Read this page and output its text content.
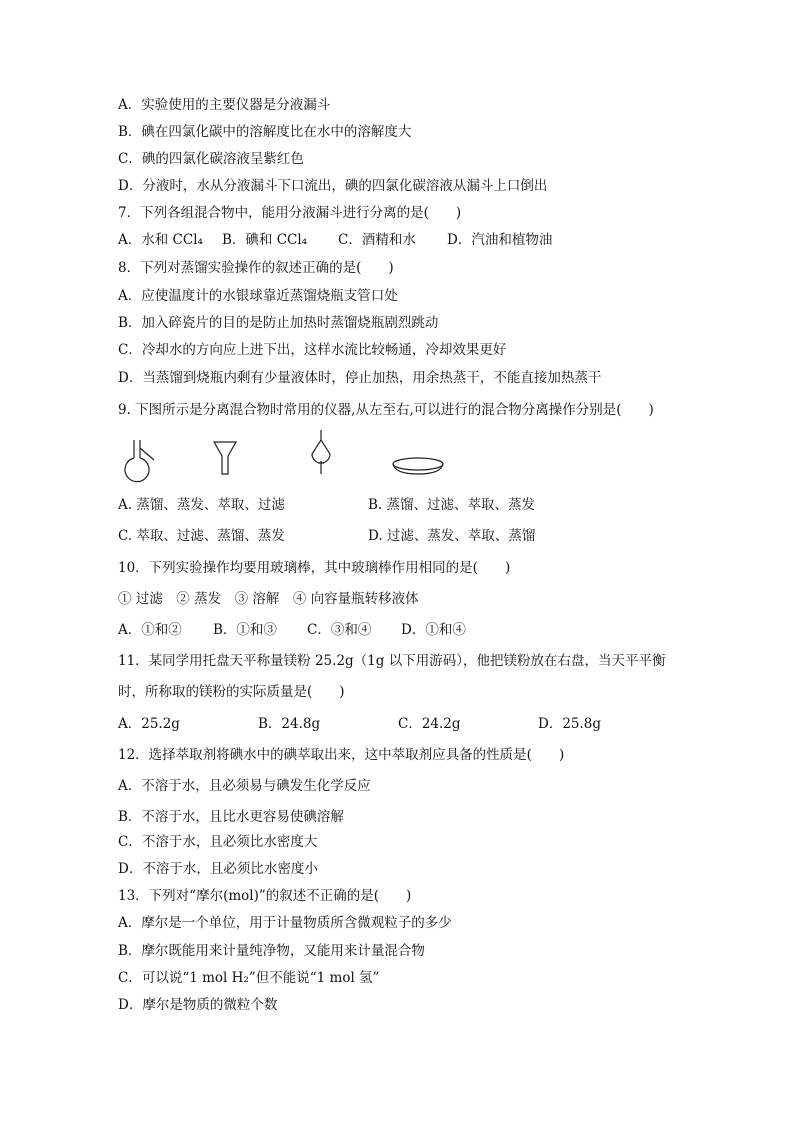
A．实验使用的主要仪器是分液漏斗
B．碘在四氯化碳中的溶解度比在水中的溶解度大
C．碘的四氯化碳溶液呈紫红色
D．分液时，水从分液漏斗下口流出，碘的四氯化碳溶液从漏斗上口倒出
7．下列各组混合物中，能用分液漏斗进行分离的是(　　)
A．水和 CCl₄ B．碘和 CCl₄ C．酒精和水 D．汽油和植物油
8．下列对蒸馏实验操作的叙述正确的是(　　)
A．应使温度计的水银球靠近蒸馏烧瓶支管口处
B．加入碎瓷片的目的是防止加热时蒸馏烧瓶剧烈跳动
C．冷却水的方向应上进下出，这样水流比较畅通，冷却效果更好
D．当蒸馏到烧瓶内剩有少量液体时，停止加热，用余热蒸干，不能直接加热蒸干
9. 下图所示是分离混合物时常用的仪器,从左至右,可以进行的混合物分离操作分别是(　　)
A. 蒸馏、蒸发、萃取、过滤	B. 蒸馏、过滤、萃取、蒸发
C. 萃取、过滤、蒸馏、蒸发	D. 过滤、蒸发、萃取、蒸馏
10．下列实验操作均要用玻璃棒，其中玻璃棒作用相同的是(　　)
① 过滤　② 蒸发　③ 溶解　④ 向容量瓶转移液体
A．①和② B．①和③ C．③和④ D．①和④
11．某同学用托盘天平称量镁粉 25.2g（1g 以下用游码），他把镁粉放在右盘，当天平平衡
时，所称取的镁粉的实际质量是(　　)
A．25.2g	B．24.8g	C．24.2g	D．25.8g
12．选择萃取剂将碘水中的碘萃取出来，这中萃取剂应具备的性质是(　　)
A．不溶于水，且必须易与碘发生化学反应
B．不溶于水，且比水更容易使碘溶解
C．不溶于水，且必须比水密度大
D．不溶于水，且必须比水密度小
13．下列对“摩尔(mol)”的叙述不正确的是(　　)
A．摩尔是一个单位，用于计量物质所含微观粒子的多少
B．摩尔既能用来计量纯净物，又能用来计量混合物
C．可以说“1 mol H₂”但不能说“1 mol 氢”
D．摩尔是物质的微粒个数
